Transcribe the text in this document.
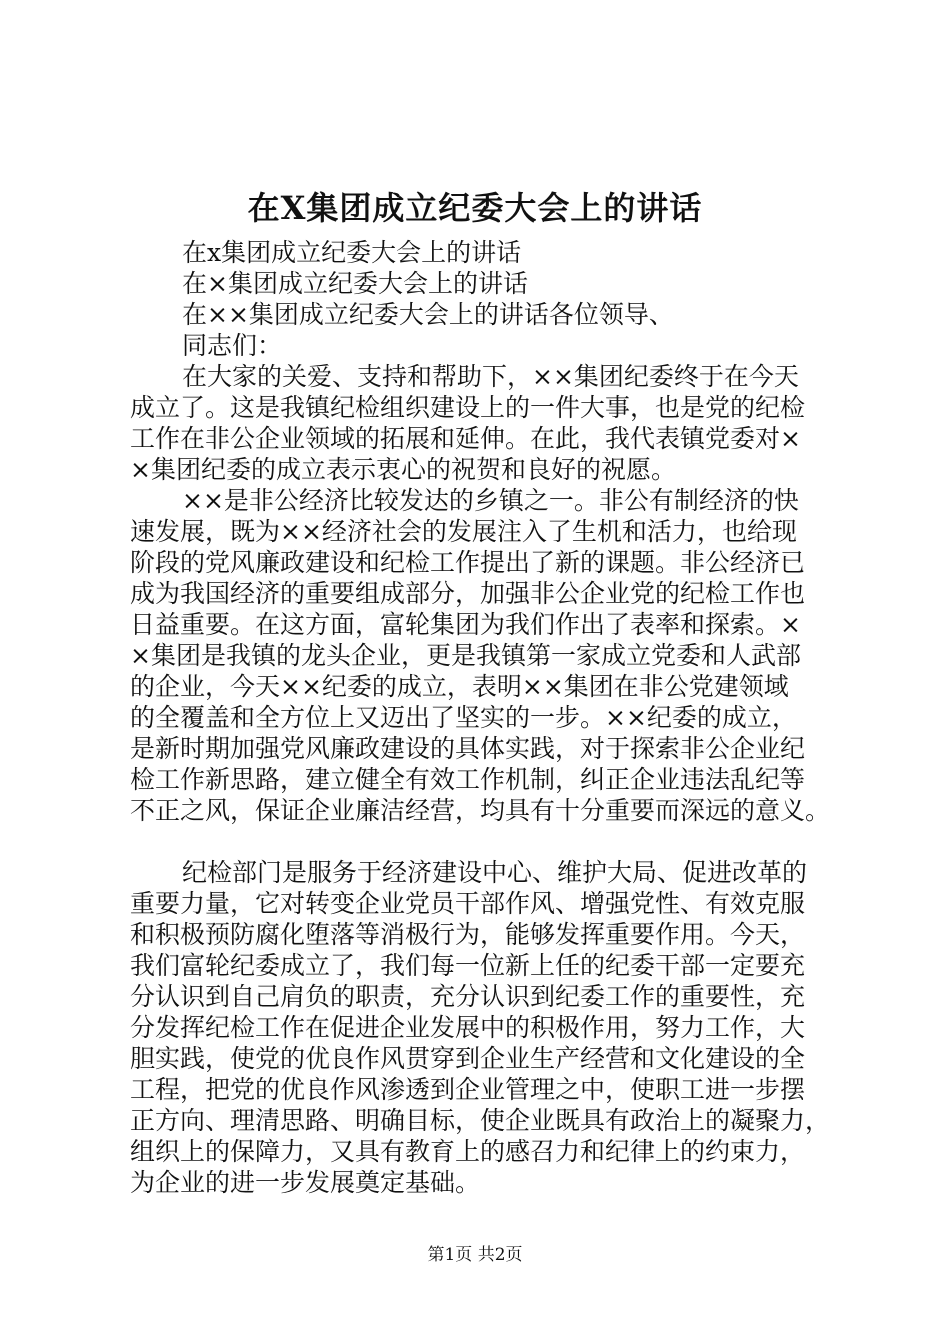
在X集团成立纪委大会上的讲话

在x集团成立纪委大会上的讲话

在×集团成立纪委大会上的讲话

在××集团成立纪委大会上的讲话各位领导、

同志们：

在大家的关爱、支持和帮助下，××集团纪委终于在今天

成立了。这是我镇纪检组织建设上的一件大事，也是党的纪检

工作在非公企业领域的拓展和延伸。在此，我代表镇党委对×

×集团纪委的成立表示衷心的祝贺和良好的祝愿。

××是非公经济比较发达的乡镇之一。非公有制经济的快

速发展，既为××经济社会的发展注入了生机和活力，也给现

阶段的党风廉政建设和纪检工作提出了新的课题。非公经济已

成为我国经济的重要组成部分，加强非公企业党的纪检工作也

日益重要。在这方面，富轮集团为我们作出了表率和探索。×

×集团是我镇的龙头企业，更是我镇第一家成立党委和人武部

的企业，今天××纪委的成立，表明××集团在非公党建领域

的全覆盖和全方位上又迈出了坚实的一步。××纪委的成立，

是新时期加强党风廉政建设的具体实践，对于探索非公企业纪

检工作新思路，建立健全有效工作机制，纠正企业违法乱纪等

不正之风，保证企业廉洁经营，均具有十分重要而深远的意义。

纪检部门是服务于经济建设中心、维护大局、促进改革的

重要力量，它对转变企业党员干部作风、增强党性、有效克服

和积极预防腐化堕落等消极行为，能够发挥重要作用。今天，

我们富轮纪委成立了，我们每一位新上任的纪委干部一定要充

分认识到自己肩负的职责，充分认识到纪委工作的重要性，充

分发挥纪检工作在促进企业发展中的积极作用，努力工作，大

胆实践，使党的优良作风贯穿到企业生产经营和文化建设的全

工程，把党的优良作风渗透到企业管理之中，使职工进一步摆

正方向、理清思路、明确目标，使企业既具有政治上的凝聚力，

组织上的保障力，又具有教育上的感召力和纪律上的约束力，

为企业的进一步发展奠定基础。

第1页 共2页
